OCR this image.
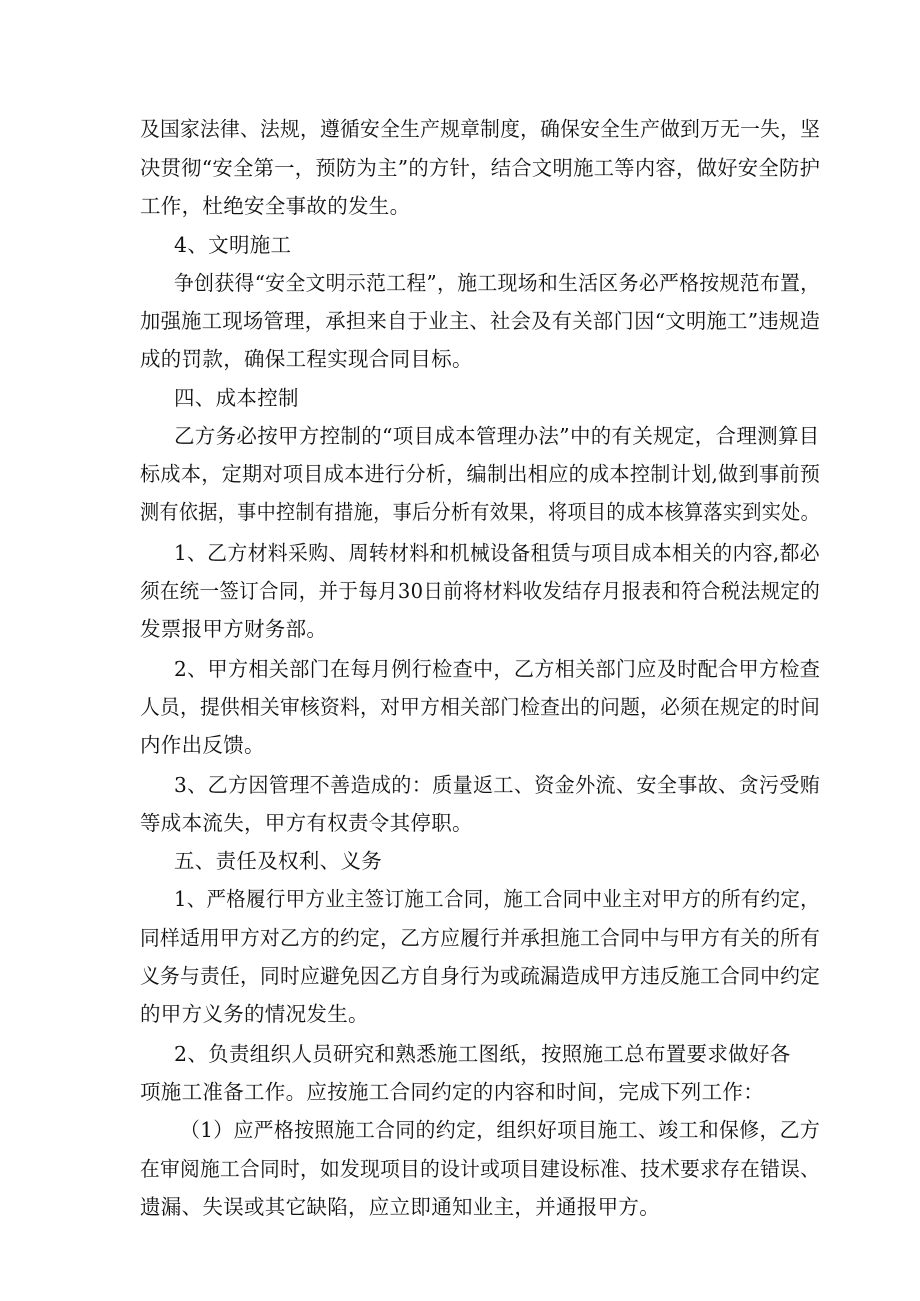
及国家法律、法规，遵循安全生产规章制度，确保安全生产做到万无一失，坚
决贯彻“安全第一，预防为主”的方针，结合文明施工等内容，做好安全防护
工作，杜绝安全事故的发生。
4、文明施工
争创获得“安全文明示范工程”，施工现场和生活区务必严格按规范布置，
加强施工现场管理，承担来自于业主、社会及有关部门因“文明施工”违规造
成的罚款，确保工程实现合同目标。
四、成本控制
乙方务必按甲方控制的“项目成本管理办法”中的有关规定，合理测算目
标成本，定期对项目成本进行分析，编制出相应的成本控制计划,做到事前预
测有依据，事中控制有措施，事后分析有效果，将项目的成本核算落实到实处。
1、乙方材料采购、周转材料和机械设备租赁与项目成本相关的内容,都必
须在统一签订合同，并于每月30日前将材料收发结存月报表和符合税法规定的
发票报甲方财务部。
2、甲方相关部门在每月例行检查中，乙方相关部门应及时配合甲方检查
人员，提供相关审核资料，对甲方相关部门检查出的问题，必须在规定的时间
内作出反馈。
3、乙方因管理不善造成的：质量返工、资金外流、安全事故、贪污受贿
等成本流失，甲方有权责令其停职。
五、责任及权利、义务
1、严格履行甲方业主签订施工合同，施工合同中业主对甲方的所有约定，
同样适用甲方对乙方的约定，乙方应履行并承担施工合同中与甲方有关的所有
义务与责任，同时应避免因乙方自身行为或疏漏造成甲方违反施工合同中约定
的甲方义务的情况发生。
2、负责组织人员研究和熟悉施工图纸，按照施工总布置要求做好各
项施工准备工作。应按施工合同约定的内容和时间，完成下列工作：
（1）应严格按照施工合同的约定，组织好项目施工、竣工和保修，乙方
在审阅施工合同时，如发现项目的设计或项目建设标准、技术要求存在错误、
遗漏、失误或其它缺陷，应立即通知业主，并通报甲方。
